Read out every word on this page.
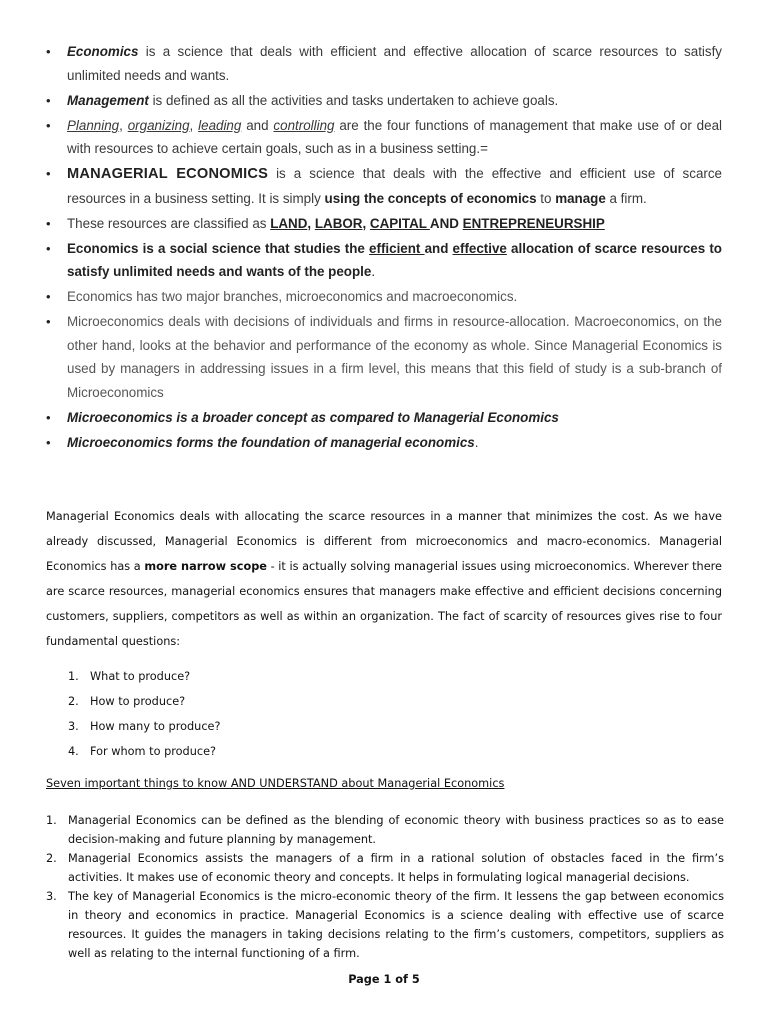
• Economics is a science that deals with efficient and effective allocation of scarce resources to satisfy unlimited needs and wants.
• Management is defined as all the activities and tasks undertaken to achieve goals.
• Planning, organizing, leading and controlling are the four functions of management that make use of or deal with resources to achieve certain goals, such as in a business setting.=
• MANAGERIAL ECONOMICS is a science that deals with the effective and efficient use of scarce resources in a business setting. It is simply using the concepts of economics to manage a firm.
• These resources are classified as LAND, LABOR, CAPITAL AND ENTREPRENEURSHIP
• Economics is a social science that studies the efficient and effective allocation of scarce resources to satisfy unlimited needs and wants of the people.
• Economics has two major branches, microeconomics and macroeconomics.
• Microeconomics deals with decisions of individuals and firms in resource-allocation. Macroeconomics, on the other hand, looks at the behavior and performance of the economy as whole. Since Managerial Economics is used by managers in addressing issues in a firm level, this means that this field of study is a sub-branch of Microeconomics
• Microeconomics is a broader concept as compared to Managerial Economics
• Microeconomics forms the foundation of managerial economics.

Managerial Economics deals with allocating the scarce resources in a manner that minimizes the cost. As we have already discussed, Managerial Economics is different from microeconomics and macro-economics. Managerial Economics has a more narrow scope - it is actually solving managerial issues using microeconomics. Wherever there are scarce resources, managerial economics ensures that managers make effective and efficient decisions concerning customers, suppliers, competitors as well as within an organization. The fact of scarcity of resources gives rise to four fundamental questions:

1. What to produce?
2. How to produce?
3. How many to produce?
4. For whom to produce?

Seven important things to know AND UNDERSTAND about Managerial Economics

1. Managerial Economics can be defined as the blending of economic theory with business practices so as to ease decision-making and future planning by management.
2. Managerial Economics assists the managers of a firm in a rational solution of obstacles faced in the firm’s activities. It makes use of economic theory and concepts. It helps in formulating logical managerial decisions.
3. The key of Managerial Economics is the micro-economic theory of the firm. It lessens the gap between economics in theory and economics in practice. Managerial Economics is a science dealing with effective use of scarce resources. It guides the managers in taking decisions relating to the firm’s customers, competitors, suppliers as well as relating to the internal functioning of a firm.

Page 1 of 5
